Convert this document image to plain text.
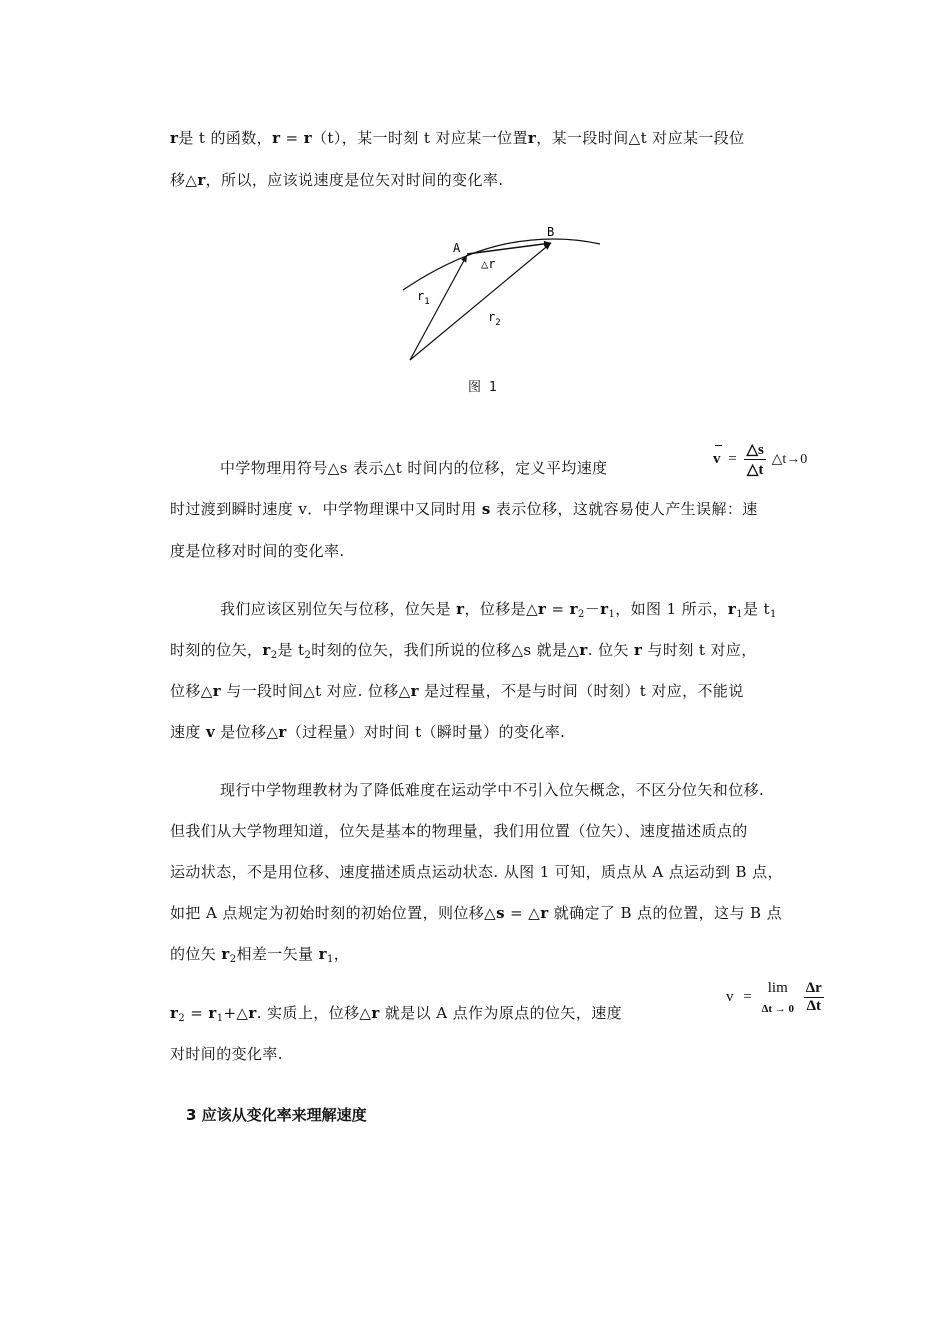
r是 t 的函数，r = r（t），某一时刻 t 对应某一位置r，某一段时间△t 对应某一段位
移△r，所以，应该说速度是位矢对时间的变化率.
A
B
△r
$r_1$
$r_2$
图 1
中学物理用符号△s 表示△t 时间内的位移，定义平均速度	$v = \frac{\triangle s}{\triangle t}$ △t→0
时过渡到瞬时速度 v．中学物理课中又同时用 s 表示位移，这就容易使人产生误解：速
度是位移对时间的变化率.
我们应该区别位矢与位移，位矢是 r，位移是△r = $r_2-r_1$，如图 1 所示，$r_1$是 $t_1$
时刻的位矢，$r_2$是 $t_2$时刻的位矢，我们所说的位移△s 就是△r. 位矢 r 与时刻 t 对应，
位移△r 与一段时间△t 对应. 位移△r 是过程量，不是与时间（时刻）t 对应，不能说
速度 v 是位移△r（过程量）对时间 t（瞬时量）的变化率.
现行中学物理教材为了降低难度在运动学中不引入位矢概念，不区分位矢和位移.
但我们从大学物理知道，位矢是基本的物理量，我们用位置（位矢）、速度描述质点的
运动状态，不是用位移、速度描述质点运动状态. 从图 1 可知，质点从 A 点运动到 B 点，
如把 A 点规定为初始时刻的初始位置，则位移△s = △r 就确定了 B 点的位置，这与 B 点
的位矢 $r_2$相差一矢量 $r_1$，
$r_2$ = $r_1+\triangle r$. 实质上，位移△r 就是以 A 点作为原点的位矢，速度
v =
lim
Δt → 0
$\frac{\Delta r}{\Delta t}$
对时间的变化率.
3 应该从变化率来理解速度
